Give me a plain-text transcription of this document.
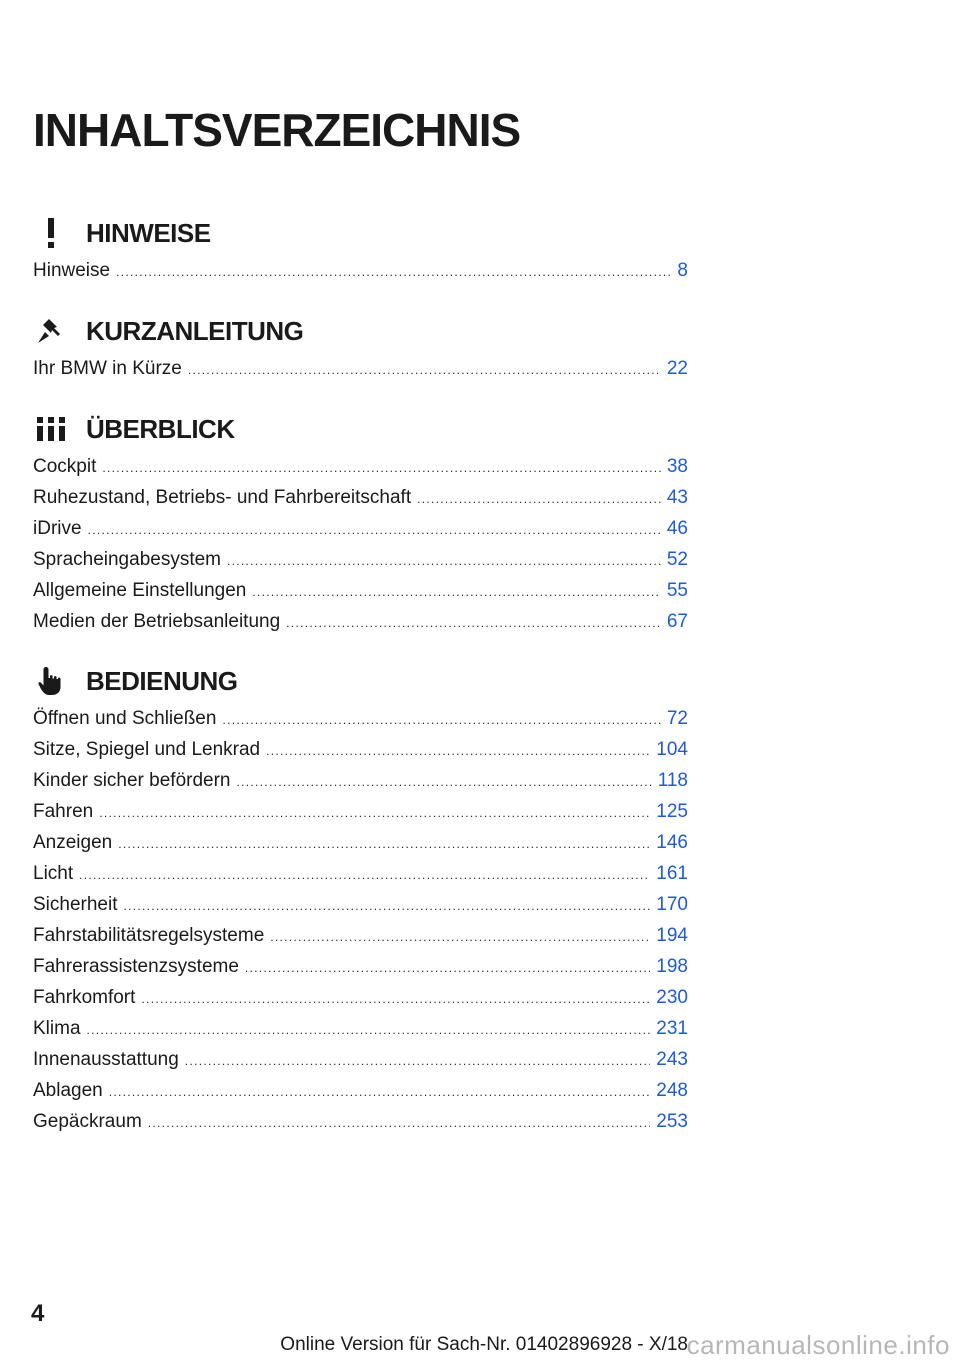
INHALTSVERZEICHNIS
HINWEISE
Hinweise .....	8
KURZANLEITUNG
Ihr BMW in Kürze .....	22
ÜBERBLICK
Cockpit .....	38
Ruhezustand, Betriebs- und Fahrbereitschaft .....	43
iDrive .....	46
Spracheingabesystem .....	52
Allgemeine Einstellungen .....	55
Medien der Betriebsanleitung .....	67
BEDIENUNG
Öffnen und Schließen .....	72
Sitze, Spiegel und Lenkrad .....	104
Kinder sicher befördern .....	118
Fahren .....	125
Anzeigen .....	146
Licht .....	161
Sicherheit .....	170
Fahrstabilitätsregelsysteme .....	194
Fahrerassistenzsysteme .....	198
Fahrkomfort .....	230
Klima .....	231
Innenausstattung .....	243
Ablagen .....	248
Gepäckraum .....	253
4
Online Version für Sach-Nr. 01402896928 - X/18
carmanualsonline.info
